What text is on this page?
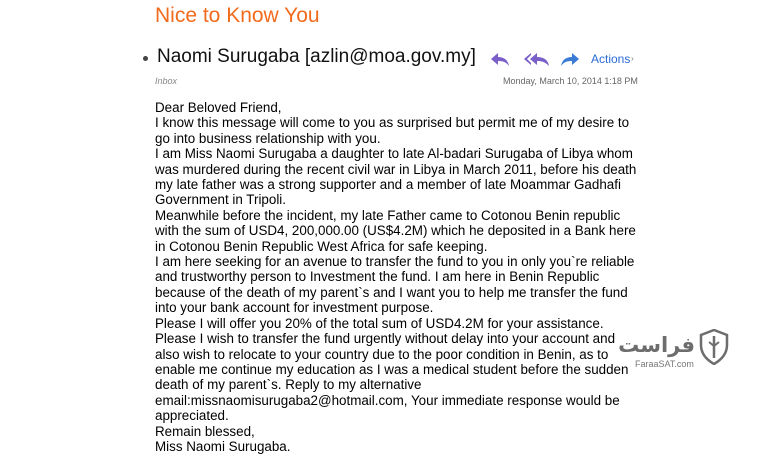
Nice to Know You
Naomi Surugaba [azlin@moa.gov.my]	Actions ›
Inbox	Monday, March 10, 2014 1:18 PM

Dear Beloved Friend,

I know this message will come to you as surprised but permit me of my desire to go into business relationship with you.

I am Miss Naomi Surugaba a daughter to late Al-badari Surugaba of Libya whom was murdered during the recent civil war in Libya in March 2011, before his death my late father was a strong supporter and a member of late Moammar Gadhafi Government in Tripoli.

Meanwhile before the incident, my late Father came to Cotonou Benin republic with the sum of USD4, 200,000.00 (US$4.2M) which he deposited in a Bank here in Cotonou Benin Republic West Africa for safe keeping.

I am here seeking for an avenue to transfer the fund to you in only you`re reliable and trustworthy person to Investment the fund. I am here in Benin Republic because of the death of my parent`s and I want you to help me transfer the fund into your bank account for investment purpose.

Please I will offer you 20% of the total sum of USD4.2M for your assistance. Please I wish to transfer the fund urgently without delay into your account and also wish to relocate to your country due to the poor condition in Benin, as to enable me continue my education as I was a medical student before the sudden death of my parent`s. Reply to my alternative email:missnaomisurugaba2@hotmail.com, Your immediate response would be appreciated.

Remain blessed,

Miss Naomi Surugaba.

فراست
FaraaSAT.com
